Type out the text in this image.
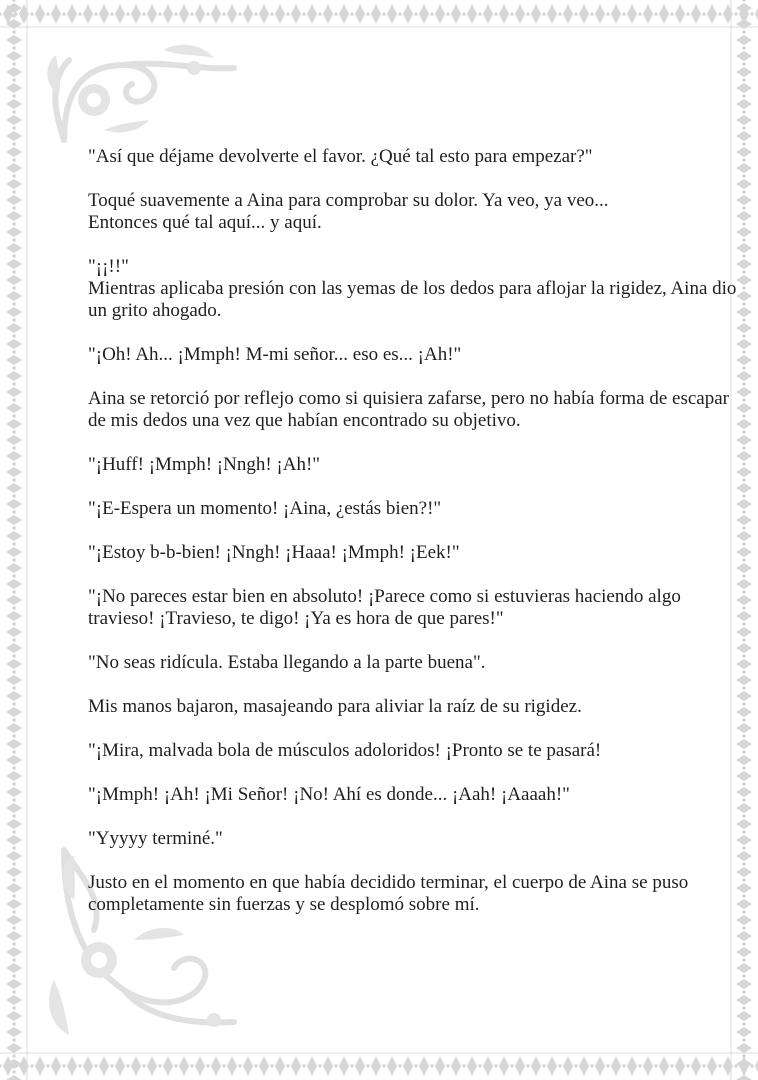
"Así que déjame devolverte el favor. ¿Qué tal esto para empezar?"

Toqué suavemente a Aina para comprobar su dolor. Ya veo, ya veo...
Entonces qué tal aquí... y aquí.

"¡¡!!"
Mientras aplicaba presión con las yemas de los dedos para aflojar la rigidez, Aina dio un grito ahogado.

"¡Oh! Ah... ¡Mmph! M-mi señor... eso es... ¡Ah!"

Aina se retorció por reflejo como si quisiera zafarse, pero no había forma de escapar de mis dedos una vez que habían encontrado su objetivo.

"¡Huff! ¡Mmph! ¡Nngh! ¡Ah!"

"¡E-Espera un momento! ¡Aina, ¿estás bien?!"

"¡Estoy b-b-bien! ¡Nngh! ¡Haaa! ¡Mmph! ¡Eek!"

"¡No pareces estar bien en absoluto! ¡Parece como si estuvieras haciendo algo travieso! ¡Travieso, te digo! ¡Ya es hora de que pares!"

"No seas ridícula. Estaba llegando a la parte buena".

Mis manos bajaron, masajeando para aliviar la raíz de su rigidez.

"¡Mira, malvada bola de músculos adoloridos! ¡Pronto se te pasará!

"¡Mmph! ¡Ah! ¡Mi Señor! ¡No! Ahí es donde... ¡Aah! ¡Aaaah!"

"Yyyyy terminé."

Justo en el momento en que había decidido terminar, el cuerpo de Aina se puso completamente sin fuerzas y se desplomó sobre mí.
